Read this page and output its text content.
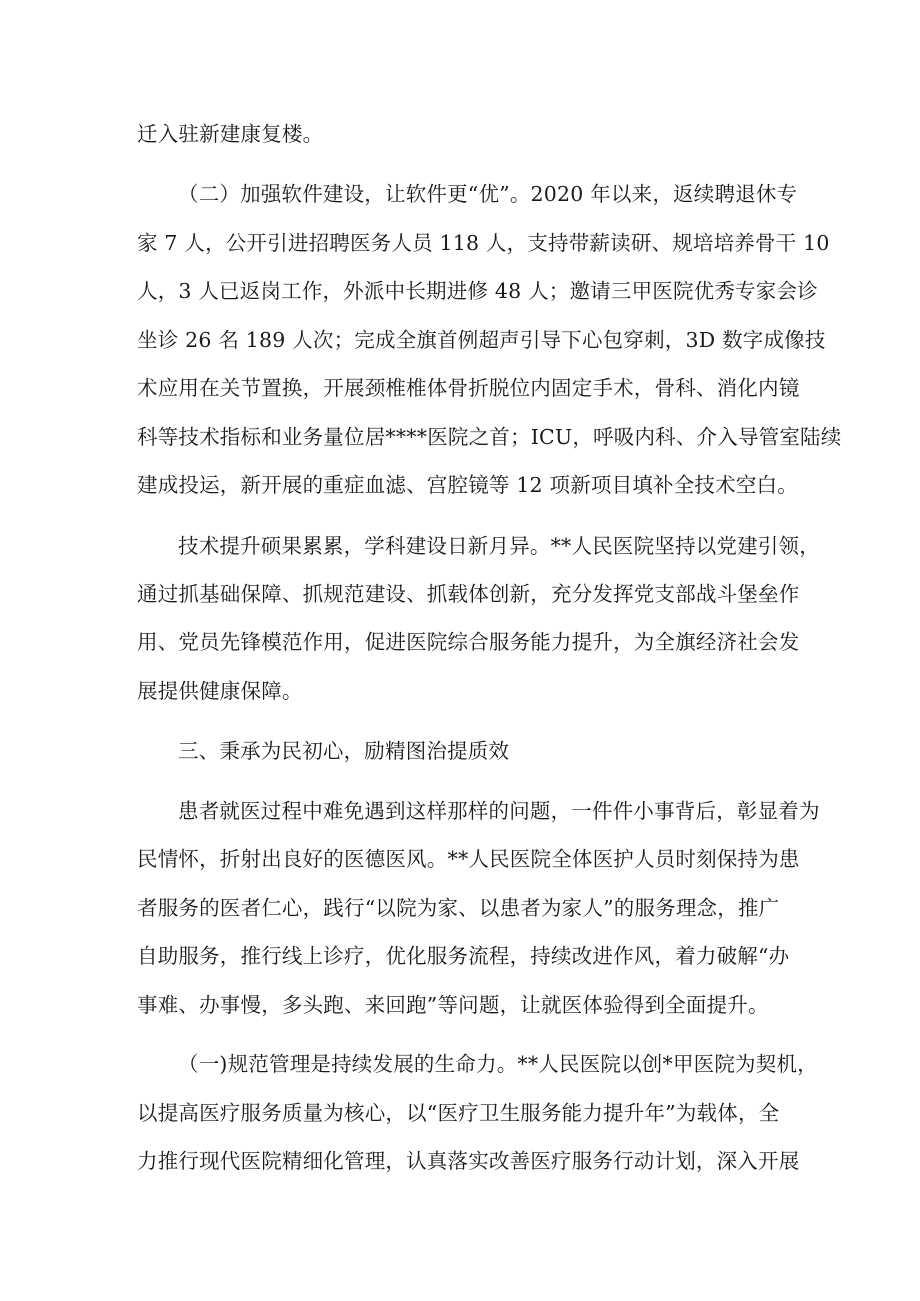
迁入驻新建康复楼。
（二）加强软件建设，让软件更“优”。2020 年以来，返续聘退休专
家 7 人，公开引进招聘医务人员 118 人，支持带薪读研、规培培养骨干 10
人，3 人已返岗工作，外派中长期进修 48 人；邀请三甲医院优秀专家会诊
坐诊 26 名 189 人次；完成全旗首例超声引导下心包穿刺，3D 数字成像技
术应用在关节置换，开展颈椎椎体骨折脱位内固定手术，骨科、消化内镜
科等技术指标和业务量位居****医院之首；ICU，呼吸内科、介入导管室陆续
建成投运，新开展的重症血滤、宫腔镜等 12 项新项目填补全技术空白。
技术提升硕果累累，学科建设日新月异。**人民医院坚持以党建引领，
通过抓基础保障、抓规范建设、抓载体创新，充分发挥党支部战斗堡垒作
用、党员先锋模范作用，促进医院综合服务能力提升，为全旗经济社会发
展提供健康保障。
三、秉承为民初心，励精图治提质效
患者就医过程中难免遇到这样那样的问题，一件件小事背后，彰显着为
民情怀，折射出良好的医德医风。**人民医院全体医护人员时刻保持为患
者服务的医者仁心，践行“以院为家、以患者为家人”的服务理念，推广
自助服务，推行线上诊疗，优化服务流程，持续改进作风，着力破解“办
事难、办事慢，多头跑、来回跑”等问题，让就医体验得到全面提升。
（一)规范管理是持续发展的生命力。**人民医院以创*甲医院为契机，
以提高医疗服务质量为核心，以“医疗卫生服务能力提升年”为载体，全
力推行现代医院精细化管理，认真落实改善医疗服务行动计划，深入开展
